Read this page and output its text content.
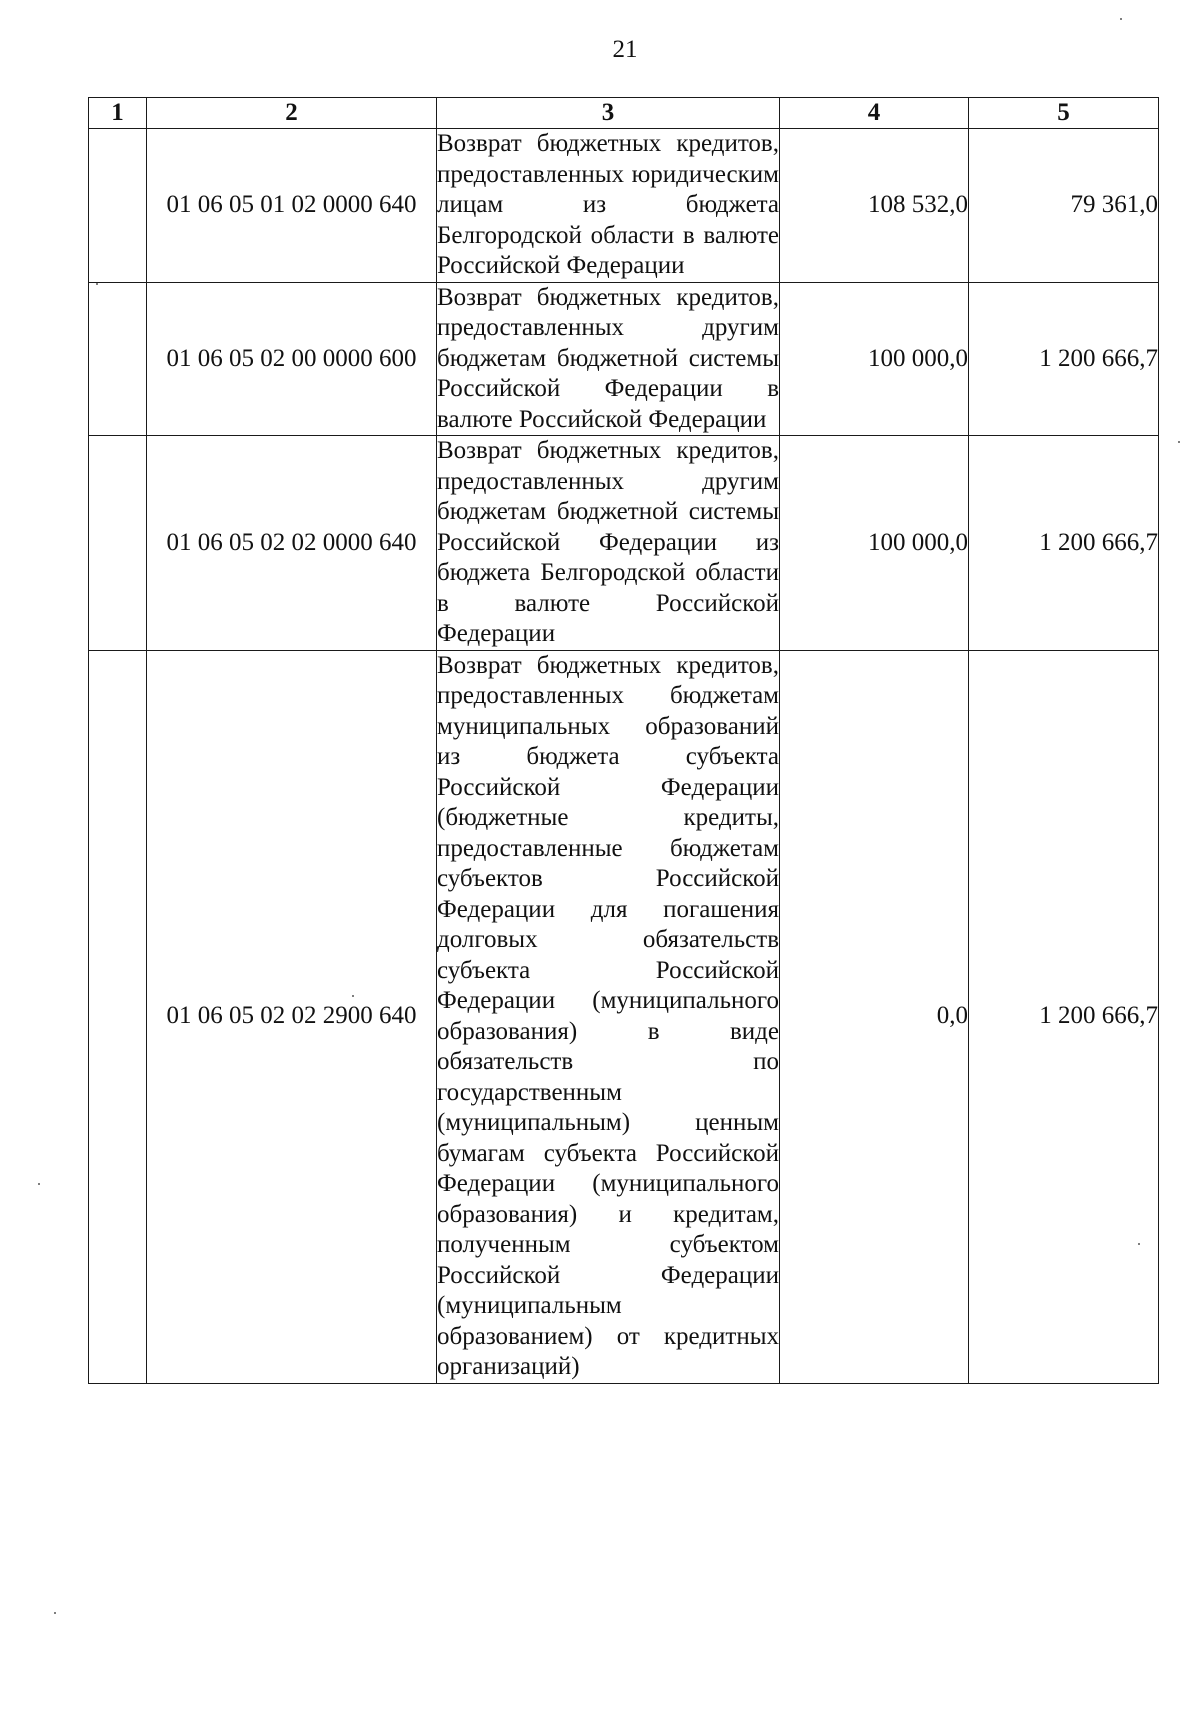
21
1	2	3	4	5
	01 06 05 01 02 0000 640	Возврат бюджетных кредитов, предоставленных юридическим лицам из бюджета Белгородской области в валюте Российской Федерации	108 532,0	79 361,0
	01 06 05 02 00 0000 600	Возврат бюджетных кредитов, предоставленных другим бюджетам бюджетной системы Российской Федерации в валюте Российской Федерации	100 000,0	1 200 666,7
	01 06 05 02 02 0000 640	Возврат бюджетных кредитов, предоставленных другим бюджетам бюджетной системы Российской Федерации из бюджета Белгородской области в валюте Российской Федерации	100 000,0	1 200 666,7
	01 06 05 02 02 2900 640	Возврат бюджетных кредитов, предоставленных бюджетам муниципальных образований из бюджета субъекта Российской Федерации (бюджетные кредиты, предоставленные бюджетам субъектов Российской Федерации для погашения долговых обязательств субъекта Российской Федерации (муниципального образования) в виде обязательств по государственным (муниципальным) ценным бумагам субъекта Российской Федерации (муниципального образования) и кредитам, полученным субъектом Российской Федерации (муниципальным образованием) от кредитных организаций)	0,0	1 200 666,7
